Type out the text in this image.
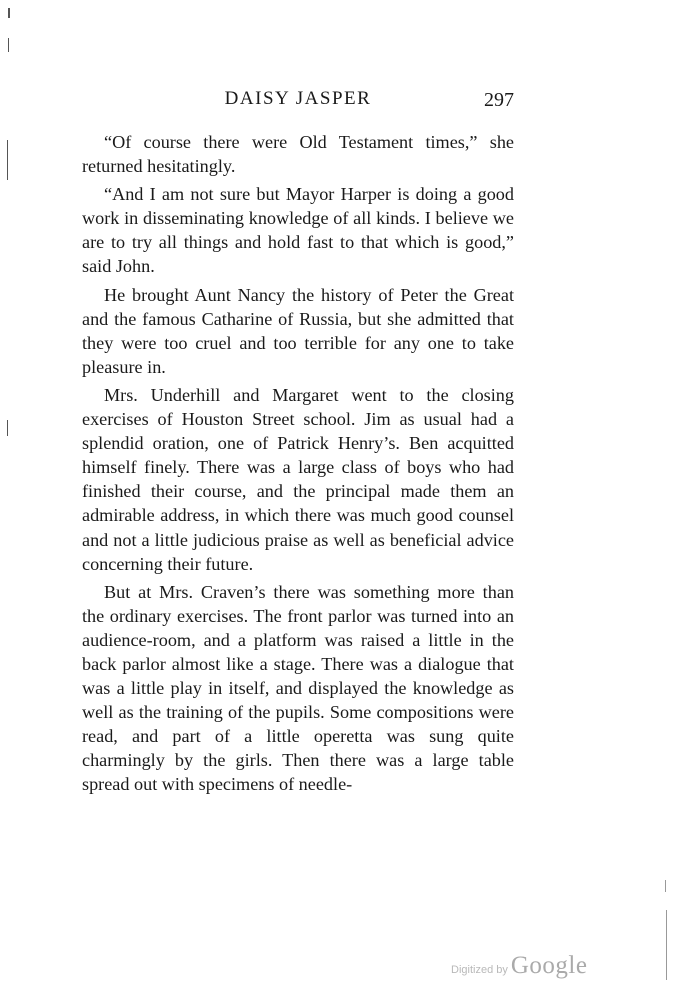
DAISY JASPER	297

“Of course there were Old Testament times,” she returned hesitatingly.

“And I am not sure but Mayor Harper is doing a good work in disseminating knowledge of all kinds. I believe we are to try all things and hold fast to that which is good,” said John.

He brought Aunt Nancy the history of Peter the Great and the famous Catharine of Russia, but she admitted that they were too cruel and too terrible for any one to take pleasure in.

Mrs. Underhill and Margaret went to the closing exercises of Houston Street school. Jim as usual had a splendid oration, one of Patrick Henry’s. Ben acquitted himself finely. There was a large class of boys who had finished their course, and the principal made them an admirable address, in which there was much good counsel and not a little judicious praise as well as beneficial advice concerning their future.

But at Mrs. Craven’s there was something more than the ordinary exercises. The front parlor was turned into an audience-room, and a platform was raised a little in the back parlor almost like a stage. There was a dialogue that was a little play in itself, and displayed the knowledge as well as the training of the pupils. Some compositions were read, and part of a little operetta was sung quite charmingly by the girls. Then there was a large table spread out with specimens of needle-

Digitized by Google
